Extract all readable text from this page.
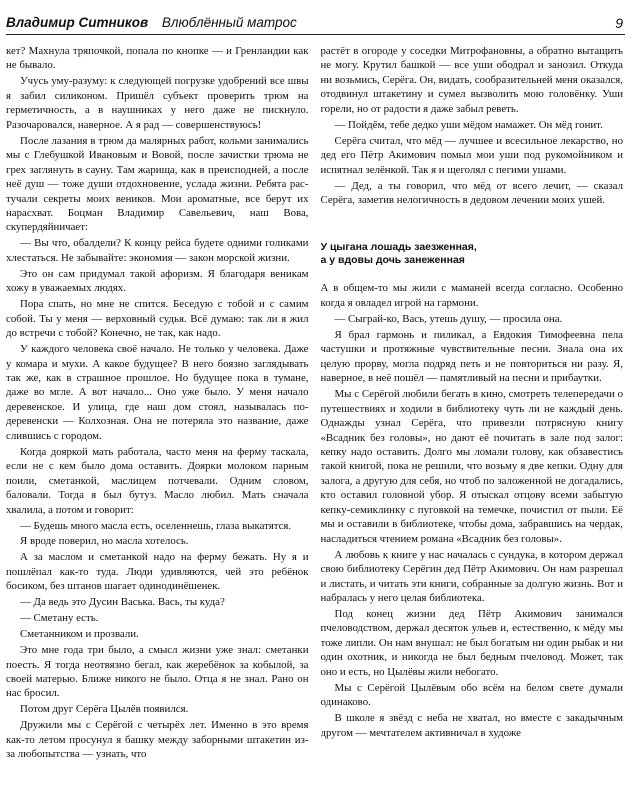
Владимир Ситников Влюблённый матрос	9

кет? Махнула тряпочкой, попала по кнопке — и Гренландии как не бывало.

Учусь уму-разуму: к следующей погрузке удобрений все швы я забил силиконом. Пришёл субъект проверить трюм на герметичность, а в наушниках у него даже не пискнуло. Разочаровался, наверное. А я рад — совершенствуюсь!

После лазания в трюм да малярных работ, кольми занимались мы с Глебушкой Ивановым и Вовой, после зачистки трюма не грех заглянуть в сауну. Там жарища, как в преисподней, а после неё душ — тоже души отдохновение, услада жизни. Ребята растучали секреты моих веников. Мои ароматные, все берут их нарасхват. Боцман Владимир Савельевич, наш Вова, скупердяйничает:

— Вы что, обалдели? К концу рейса будете одними голиками хлестаться. Не забывайте: экономия — закон морской жизни.

Это он сам придумал такой афоризм. Я благодаря веникам хожу в уважаемых людях.

Пора спать, но мне не спится. Беседую с тобой и с самим собой. Ты у меня — верховный судья. Всё думаю: так ли я жил до встречи с тобой? Конечно, не так, как надо.

У каждого человека своё начало. Не только у человека. Даже у комара и мухи. А какое будущее? В него боязно заглядывать так же, как в страшное прошлое. Но будущее пока в тумане, даже во мгле. А вот начало... Оно уже было. У меня начало деревенское. И улица, где наш дом стоял, называлась по-деревенски — Колхозная. Она не потеряла это название, даже слившись с городом.

Когда дояркой мать работала, часто меня на ферму таскала, если не с кем было дома оставить. Доярки молоком парным поили, сметанкой, маслицем потчевали. Одним словом, баловали. Тогда я был бутуз. Масло любил. Мать сначала хвалила, а потом и говорит:

— Будешь много масла есть, оселеннешь, глаза выкатятся.

Я вроде поверил, но масла хотелось.

А за маслом и сметанкой надо на ферму бежать. Ну я и пошлёпал как-то туда. Люди удивляются, чей это ребёнок босиком, без штанов шагает одинодинёшенек.

— Да ведь это Дусин Васька. Вась, ты куда?

— Сметану есть.

Сметанником и прозвали.

Это мне года три было, а смысл жизни уже знал: сметанки поесть. Я тогда неотвязно бегал, как жеребёнок за кобылой, за своей матерью. Ближе никого не было. Отца я не знал. Рано он нас бросил.

Потом друг Серёга Цылёв появился.

Дружили мы с Серёгой с четырёх лет. Именно в это время как-то летом просунул я башку между заборными штакетин из-за любопытства — узнать, что

растёт в огороде у соседки Митрофановны, а обратно вытащить не могу. Крутил башкой — все уши ободрал и занозил. Откуда ни возьмись, Серёга. Он, видать, сообразительней меня оказался, отодвинул штакетину и сумел вызволить мою головёнку. Уши горели, но от радости я даже забыл реветь.

— Пойдём, тебе дедко уши мёдом намажет. Он мёд гонит.

Серёга считал, что мёд — лучшее и всесильное лекарство, но дед его Пётр Акимович помыл мои уши под рукомойником и испятнал зелёнкой. Так я и щеголял с пегими ушами.

— Дед, а ты говорил, что мёд от всего лечит, — сказал Серёга, заметив нелогичность в дедовом лечении моих ушей.

У цыгана лошадь заезженная,
а у вдовы дочь занеженная

А в общем-то мы жили с маманей всегда согласно. Особенно когда я овладел игрой на гармони.

— Сыграй-ко, Вась, утешь душу, — просила она.

Я брал гармонь и пиликал, а Евдокия Тимофеевна пела частушки и протяжные чувствительные песни. Знала она их целую прорву, могла подряд петь и не повториться ни разу. Я, наверное, в неё пошёл — памятливый на песни и прибаутки.

Мы с Серёгой любили бегать в кино, смотреть телепередачи о путешествиях и ходили в библиотеку чуть ли не каждый день. Однажды узнал Серёга, что привезли потрясную книгу «Всадник без головы», но дают её почитать в зале под залог: кепку надо оставить. Долго мы ломали голову, как обзавестись такой книгой, пока не решили, что возьму я две кепки. Одну для залога, а другую для себя, но чтоб по заложенной не догадались, кто оставил головной убор. Я отыскал отцову всеми забытую кепку-семиклинку с пуговкой на темечке, почистил от пыли. Её мы и оставили в библиотеке, чтобы дома, забравшись на чердак, насладиться чтением романа «Всадник без головы».

А любовь к книге у нас началась с сундука, в котором держал свою библиотеку Серёгин дед Пётр Акимович. Он нам разрешал и листать, и читать эти книги, собранные за долгую жизнь. Вот и набралась у него целая библиотека.

Под конец жизни дед Пётр Акимович занимался пчеловодством, держал десяток ульев и, естественно, к мёду мы тоже липли. Он нам внушал: не был богатым ни один рыбак и ни один охотник, и никогда не был бедным пчеловод. Может, так оно и есть, но Цылёвы жили небогато.

Мы с Серёгой Цылёвым обо всём на белом свете думали одинаково.

В школе я звёзд с неба не хватал, но вместе с закадычным другом — мечтателем активничал в художе
